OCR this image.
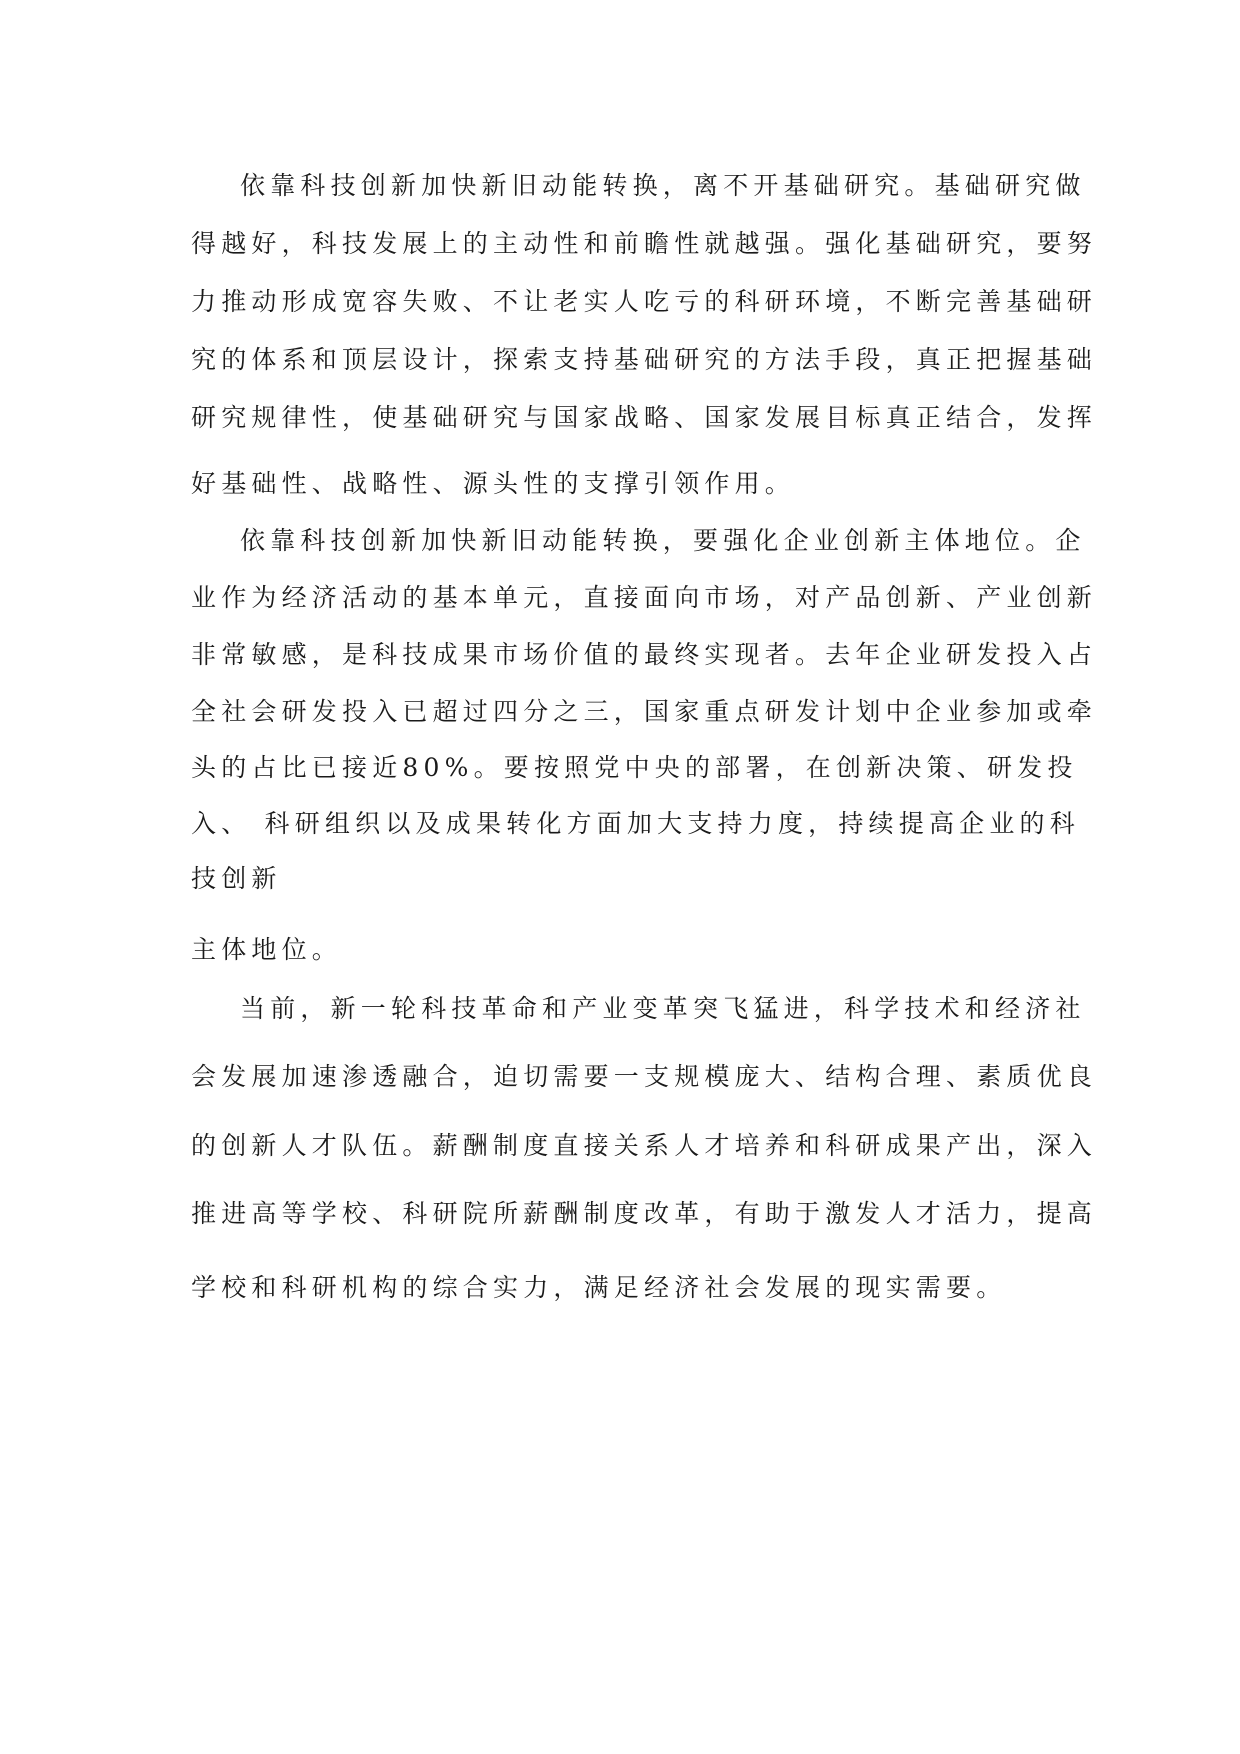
依靠科技创新加快新旧动能转换，离不开基础研究。基础研究做
得越好，科技发展上的主动性和前瞻性就越强。强化基础研究，要努
力推动形成宽容失败、不让老实人吃亏的科研环境，不断完善基础研
究的体系和顶层设计，探索支持基础研究的方法手段，真正把握基础
研究规律性，使基础研究与国家战略、国家发展目标真正结合，发挥
好基础性、战略性、源头性的支撑引领作用。
依靠科技创新加快新旧动能转换，要强化企业创新主体地位。企
业作为经济活动的基本单元，直接面向市场，对产品创新、产业创新
非常敏感，是科技成果市场价值的最终实现者。去年企业研发投入占
全社会研发投入已超过四分之三，国家重点研发计划中企业参加或牵
头的占比已接近80%。要按照党中央的部署，在创新决策、研发投
入、 科研组织以及成果转化方面加大支持力度，持续提高企业的科
技创新
主体地位。
当前，新一轮科技革命和产业变革突飞猛进，科学技术和经济社
会发展加速渗透融合，迫切需要一支规模庞大、结构合理、素质优良
的创新人才队伍。薪酬制度直接关系人才培养和科研成果产出，深入
推进高等学校、科研院所薪酬制度改革，有助于激发人才活力，提高
学校和科研机构的综合实力，满足经济社会发展的现实需要。
